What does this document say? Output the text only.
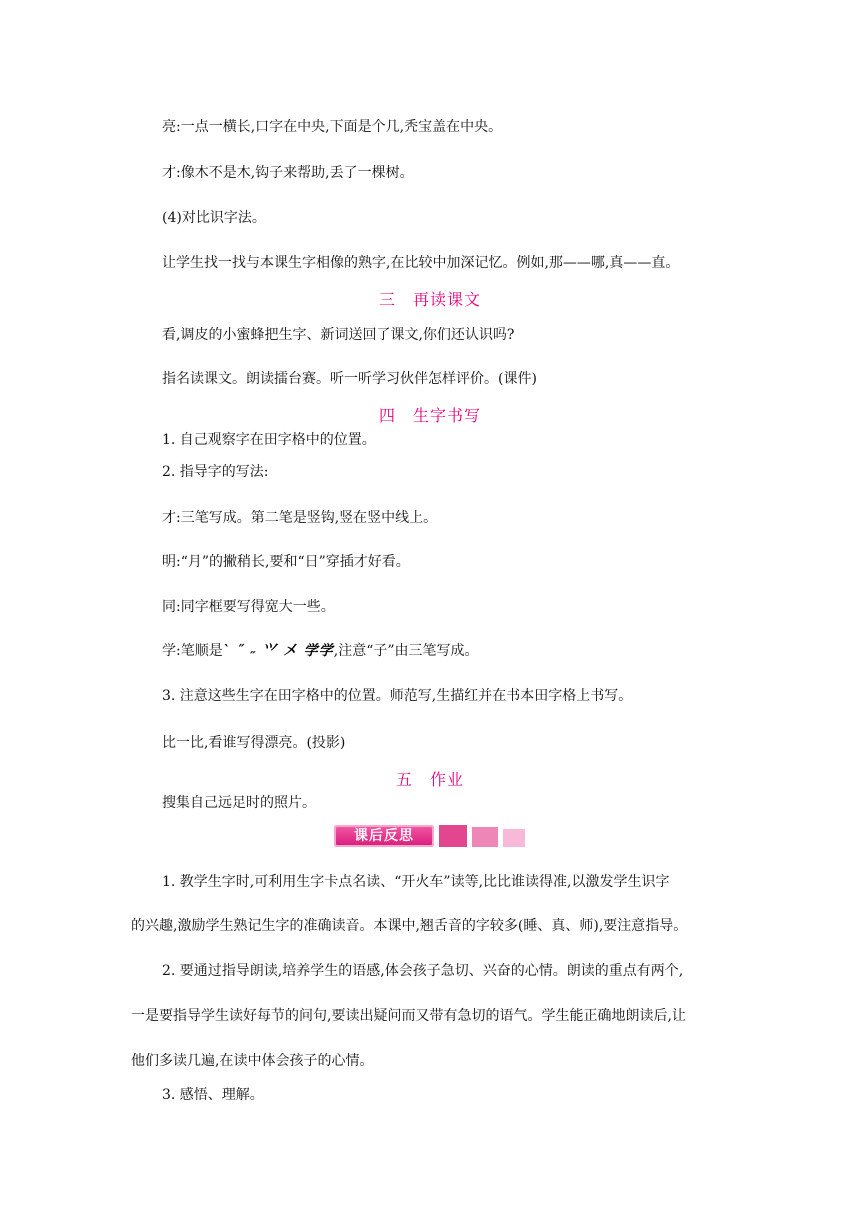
亮:一点一横长,口字在中央,下面是个几,秃宝盖在中央。
才:像木不是木,钩子来帮助,丢了一棵树。
(4)对比识字法。
让学生找一找与本课生字相像的熟字,在比较中加深记忆。例如,那——哪,真——直。
三　再读课文
看,调皮的小蜜蜂把生字、新词送回了课文,你们还认识吗?
指名读课文。朗读擂台赛。听一听学习伙伴怎样评价。(课件)
四　生字书写
1. 自己观察字在田字格中的位置。
2. 指导字的写法:
才:三笔写成。第二笔是竖钩,竖在竖中线上。
明:“月”的撇稍长,要和“日”穿插才好看。
同:同字框要写得宽大一些。
学:笔顺是ˋ ˝ ˶ ⺍ 㐅 学学,注意“子”由三笔写成。
3. 注意这些生字在田字格中的位置。师范写,生描红并在书本田字格上书写。
比一比,看谁写得漂亮。(投影)
五　作业
搜集自己远足时的照片。
课后反思
1. 教学生字时,可利用生字卡点名读、“开火车”读等,比比谁读得准,以激发学生识字
的兴趣,激励学生熟记生字的准确读音。本课中,翘舌音的字较多(睡、真、师),要注意指导。
2. 要通过指导朗读,培养学生的语感,体会孩子急切、兴奋的心情。朗读的重点有两个,
一是要指导学生读好每节的问句,要读出疑问而又带有急切的语气。学生能正确地朗读后,让
他们多读几遍,在读中体会孩子的心情。
3. 感悟、理解。
